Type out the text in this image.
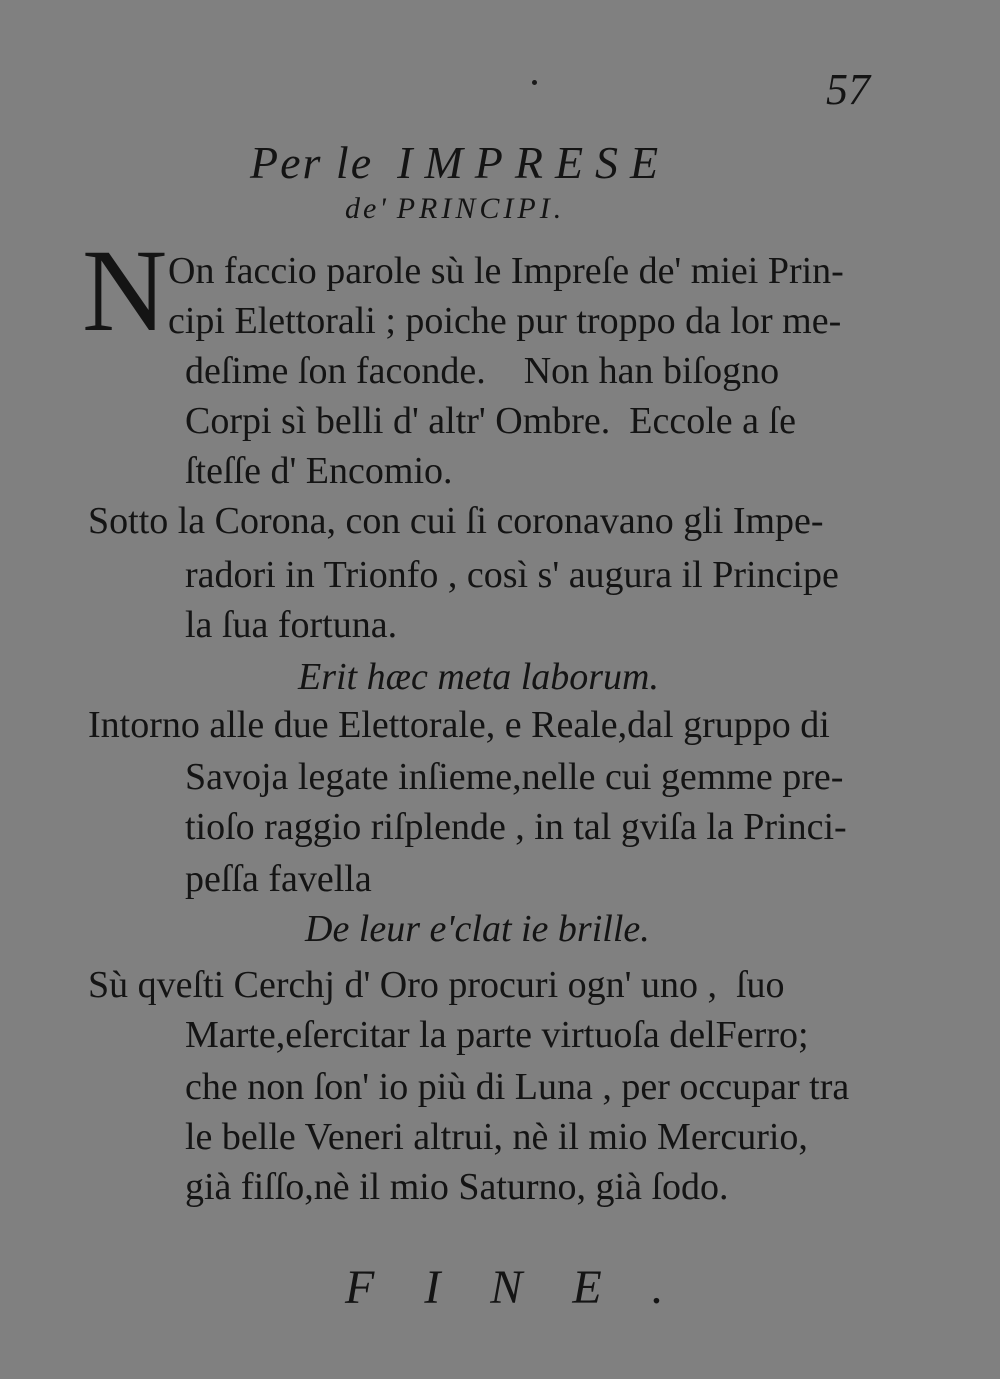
57
Per le IMPRESE
de' PRINCIPI.
N On faccio parole sù le Impreſe de' miei Prin-
cipi Elettorali ; poiche pur troppo da lor me-
deſime ſon faconde.    Non han biſogno
Corpi sì belli d' altr' Ombre.  Eccole a ſe
ſteſſe d' Encomio.
Sotto la Corona, con cui ſi coronavano gli Impe-
radori in Trionfo , così s' augura il Principe
la ſua fortuna.
Erit hæc meta laborum.
Intorno alle due Elettorale, e Reale,dal gruppo di
Savoja legate inſieme,nelle cui gemme pre-
tioſo raggio riſplende , in tal gviſa la Princi-
peſſa favella
De leur e'clat ie brille.
Sù qveſti Cerchj d' Oro procuri ogn' uno ,  ſuo
Marte,eſercitar la parte virtuoſa delFerro;
che non ſon' io più di Luna , per occupar tra
le belle Veneri altrui, nè il mio Mercurio,
già fiſſo,nè il mio Saturno, già ſodo.
FINE.
